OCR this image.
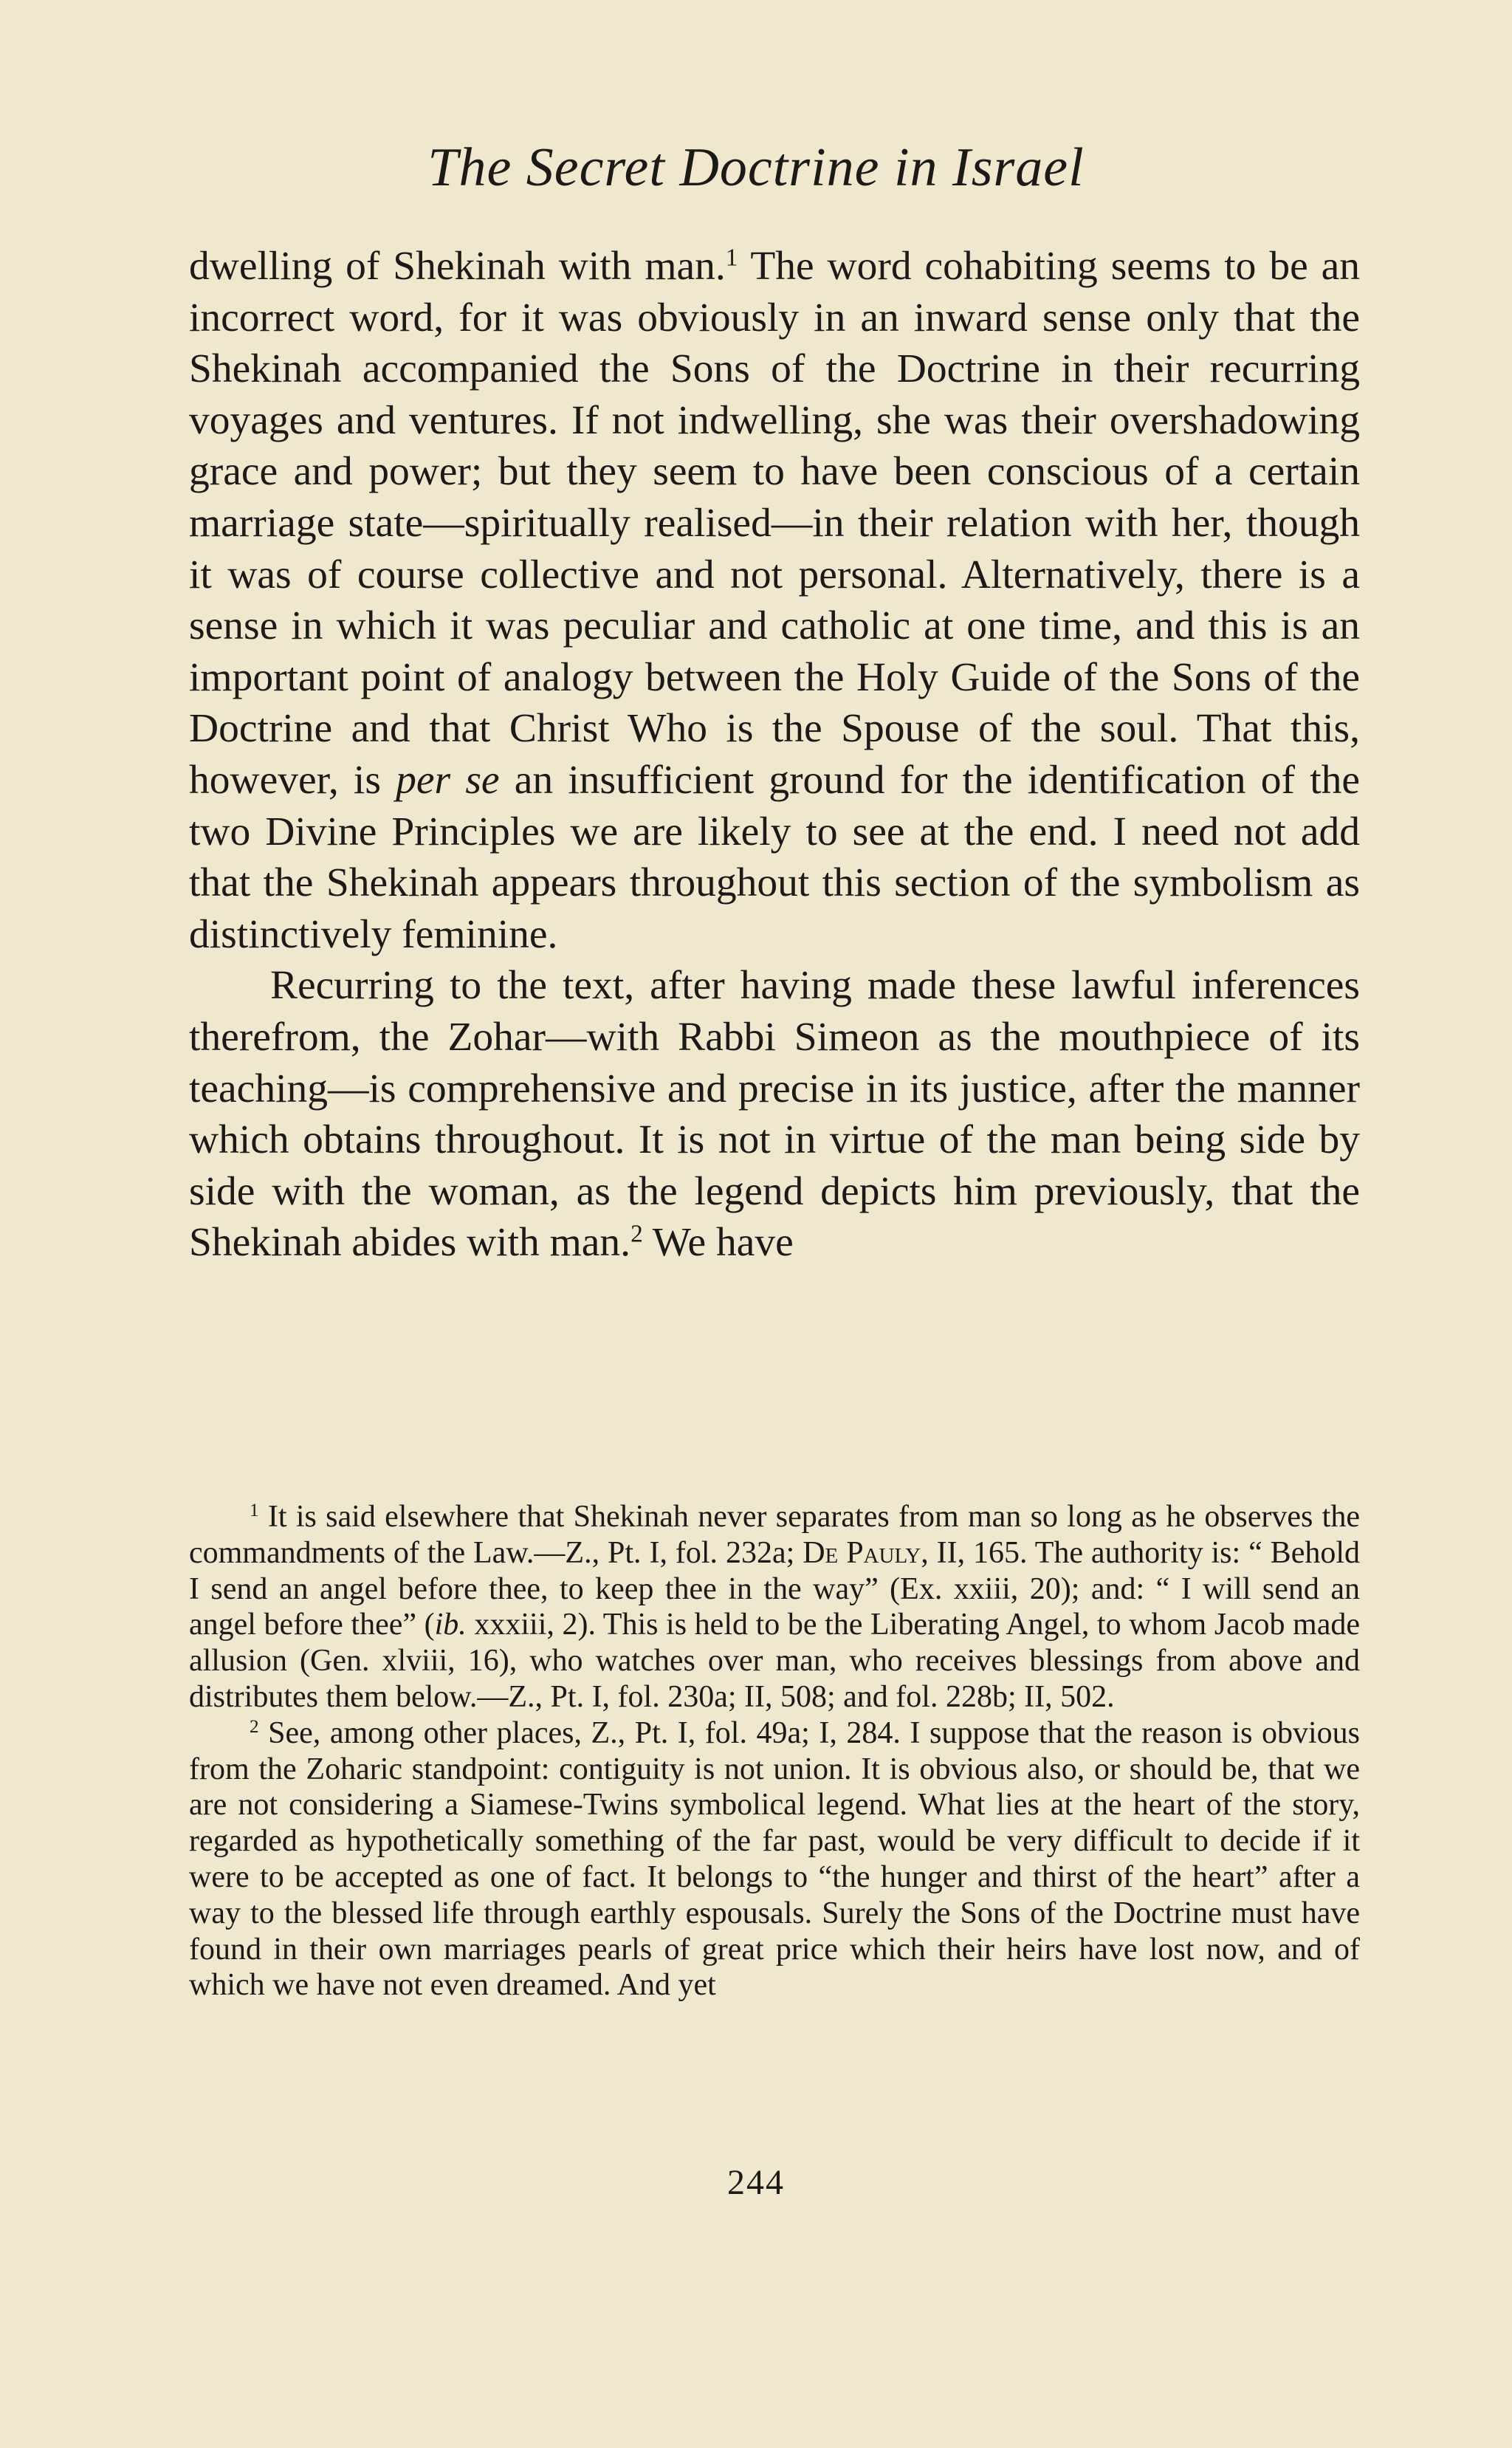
The Secret Doctrine in Israel

dwelling of Shekinah with man.$^1$ The word cohabiting seems to be an incorrect word, for it was obviously in an inward sense only that the Shekinah accompanied the Sons of the Doctrine in their recurring voyages and ventures. If not indwelling, she was their overshadowing grace and power; but they seem to have been conscious of a certain marriage state—spiritually realised—in their relation with her, though it was of course collective and not personal. Alternatively, there is a sense in which it was peculiar and catholic at one time, and this is an important point of analogy between the Holy Guide of the Sons of the Doctrine and that Christ Who is the Spouse of the soul. That this, however, is per se an insufficient ground for the identification of the two Divine Principles we are likely to see at the end. I need not add that the Shekinah appears throughout this section of the symbolism as distinctively feminine.

Recurring to the text, after having made these lawful inferences therefrom, the Zohar—with Rabbi Simeon as the mouthpiece of its teaching—is comprehensive and precise in its justice, after the manner which obtains throughout. It is not in virtue of the man being side by side with the woman, as the legend depicts him previously, that the Shekinah abides with man.$^2$ We have

$^1$ It is said elsewhere that Shekinah never separates from man so long as he observes the commandments of the Law.—Z., Pt. I, fol. 232a; De Pauly, II, 165. The authority is: “ Behold I send an angel before thee, to keep thee in the way” (Ex. xxiii, 20); and: “ I will send an angel before thee” (ib. xxxiii, 2). This is held to be the Liberating Angel, to whom Jacob made allusion (Gen. xlviii, 16), who watches over man, who receives blessings from above and distributes them below.—Z., Pt. I, fol. 230a; II, 508; and fol. 228b; II, 502.

$^2$ See, among other places, Z., Pt. I, fol. 49a; I, 284. I suppose that the reason is obvious from the Zoharic standpoint: contiguity is not union. It is obvious also, or should be, that we are not considering a Siamese-Twins symbolical legend. What lies at the heart of the story, regarded as hypothetically something of the far past, would be very difficult to decide if it were to be accepted as one of fact. It belongs to “the hunger and thirst of the heart” after a way to the blessed life through earthly espousals. Surely the Sons of the Doctrine must have found in their own marriages pearls of great price which their heirs have lost now, and of which we have not even dreamed. And yet

244
